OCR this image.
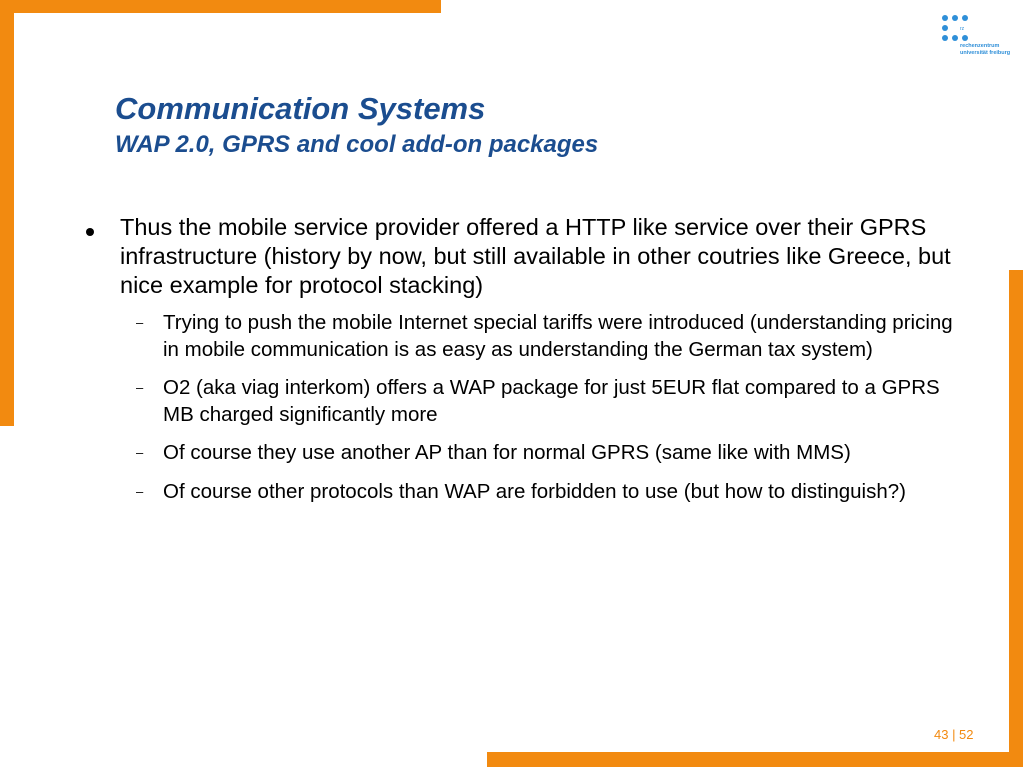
rz
rechenzentrum
universität freiburg
Communication Systems
WAP 2.0, GPRS and cool add-on packages
Thus the mobile service provider offered a HTTP like service over their GPRS infrastructure (history by now, but still available in other coutries like Greece, but nice example for protocol stacking)
– Trying to push the mobile Internet special tariffs were introduced (understanding pricing in mobile communication is as easy as understanding the German tax system)
– O2 (aka viag interkom) offers a WAP package for just 5EUR flat compared to a GPRS MB charged significantly more
– Of course they use another AP than for normal GPRS (same like with MMS)
– Of course other protocols than WAP are forbidden to use (but how to distinguish?)
43 | 52
